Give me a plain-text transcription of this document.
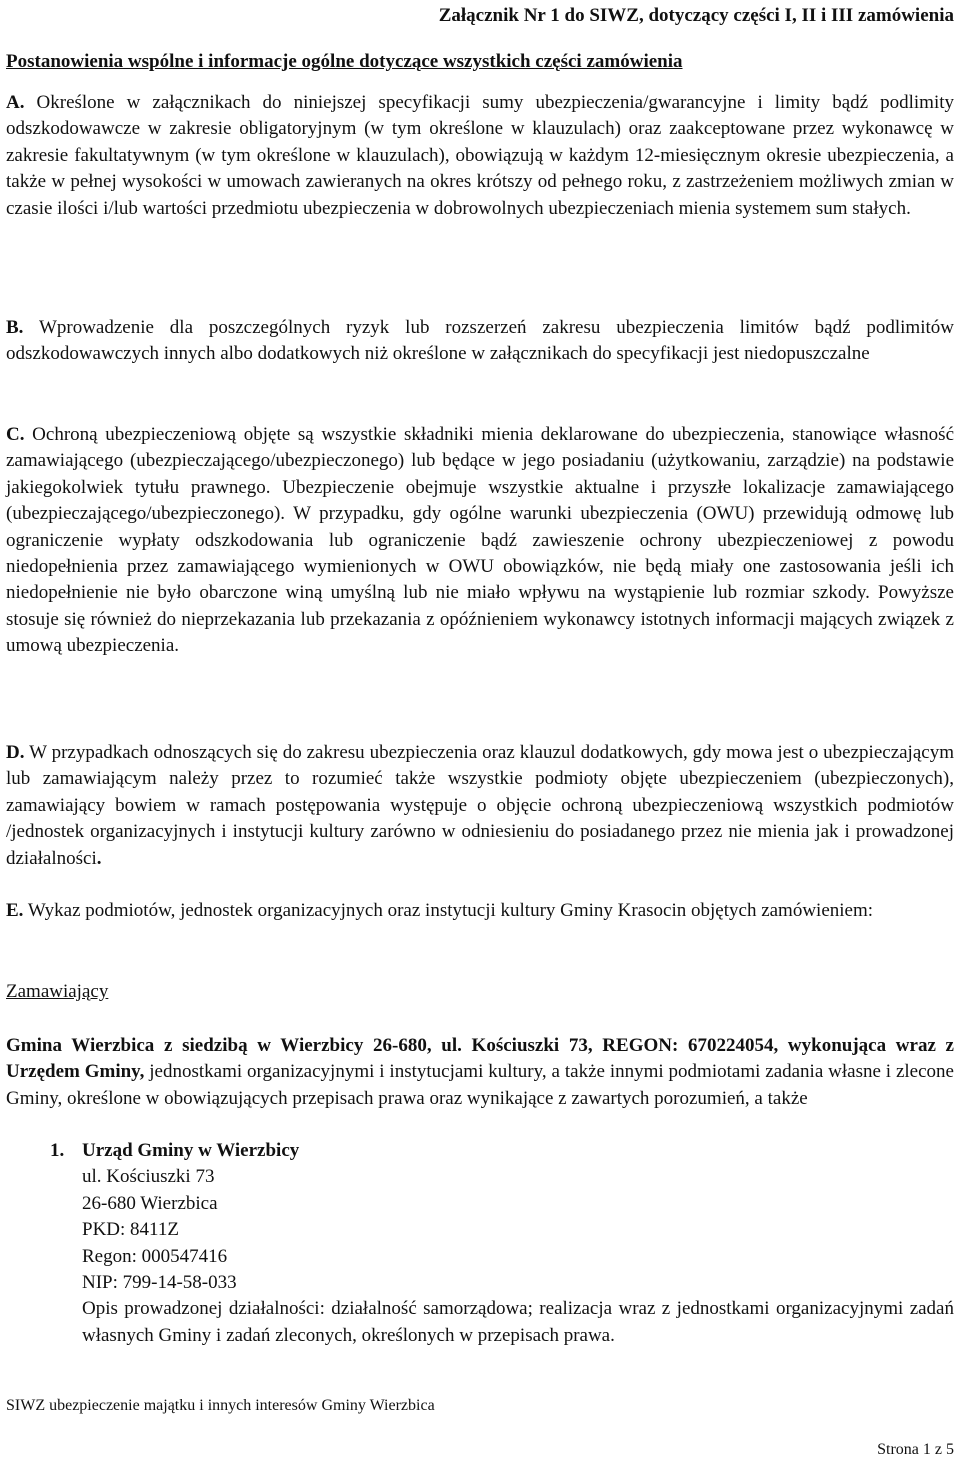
Załącznik Nr 1 do SIWZ, dotyczący części I, II i III zamówienia

Postanowienia wspólne i informacje ogólne dotyczące wszystkich części zamówienia

A. Określone w załącznikach do niniejszej specyfikacji sumy ubezpieczenia/gwarancyjne i limity bądź podlimity odszkodowawcze w zakresie obligatoryjnym (w tym określone w klauzulach) oraz zaakceptowane przez wykonawcę w zakresie fakultatywnym (w tym określone w klauzulach), obowiązują w każdym 12-miesięcznym okresie ubezpieczenia, a także w pełnej wysokości w umowach zawieranych na okres krótszy od pełnego roku, z zastrzeżeniem możliwych zmian w czasie ilości i/lub wartości przedmiotu ubezpieczenia w dobrowolnych ubezpieczeniach mienia systemem sum stałych.

B. Wprowadzenie dla poszczególnych ryzyk lub rozszerzeń zakresu ubezpieczenia limitów bądź podlimitów odszkodowawczych innych albo dodatkowych niż określone w załącznikach do specyfikacji jest niedopuszczalne

C. Ochroną ubezpieczeniową objęte są wszystkie składniki mienia deklarowane do ubezpieczenia, stanowiące własność zamawiającego (ubezpieczającego/ubezpieczonego) lub będące w jego posiadaniu (użytkowaniu, zarządzie) na podstawie jakiegokolwiek tytułu prawnego. Ubezpieczenie obejmuje wszystkie aktualne i przyszłe lokalizacje zamawiającego (ubezpieczającego/ubezpieczonego). W przypadku, gdy ogólne warunki ubezpieczenia (OWU) przewidują odmowę lub ograniczenie wypłaty odszkodowania lub ograniczenie bądź zawieszenie ochrony ubezpieczeniowej z powodu niedopełnienia przez zamawiającego wymienionych w OWU obowiązków, nie będą miały one zastosowania jeśli ich niedopełnienie nie było obarczone winą umyślną lub nie miało wpływu na wystąpienie lub rozmiar szkody. Powyższe stosuje się również do nieprzekazania lub przekazania z opóźnieniem wykonawcy istotnych informacji mających związek z umową ubezpieczenia.

D. W przypadkach odnoszących się do zakresu ubezpieczenia oraz klauzul dodatkowych, gdy mowa jest o ubezpieczającym lub zamawiającym należy przez to rozumieć także wszystkie podmioty objęte ubezpieczeniem (ubezpieczonych), zamawiający bowiem w ramach postępowania występuje o objęcie ochroną ubezpieczeniową wszystkich podmiotów /jednostek organizacyjnych i instytucji kultury zarówno w odniesieniu do posiadanego przez nie mienia jak i prowadzonej działalności.

E. Wykaz podmiotów, jednostek organizacyjnych oraz instytucji kultury Gminy Krasocin objętych zamówieniem:

Zamawiający

Gmina Wierzbica z siedzibą w Wierzbicy 26-680, ul. Kościuszki 73, REGON: 670224054, wykonująca wraz z Urzędem Gminy, jednostkami organizacyjnymi i instytucjami kultury, a także innymi podmiotami zadania własne i zlecone Gminy, określone w obowiązujących przepisach prawa oraz wynikające z zawartych porozumień, a także

1. Urząd Gminy w Wierzbicy

ul. Kościuszki 73

26-680 Wierzbica

PKD: 8411Z

Regon: 000547416

NIP: 799-14-58-033

Opis prowadzonej działalności: działalność samorządowa; realizacja wraz z jednostkami organizacyjnymi zadań własnych Gminy i zadań zleconych, określonych w przepisach prawa.

SIWZ ubezpieczenie majątku i innych interesów Gminy Wierzbica

Strona 1 z 5
